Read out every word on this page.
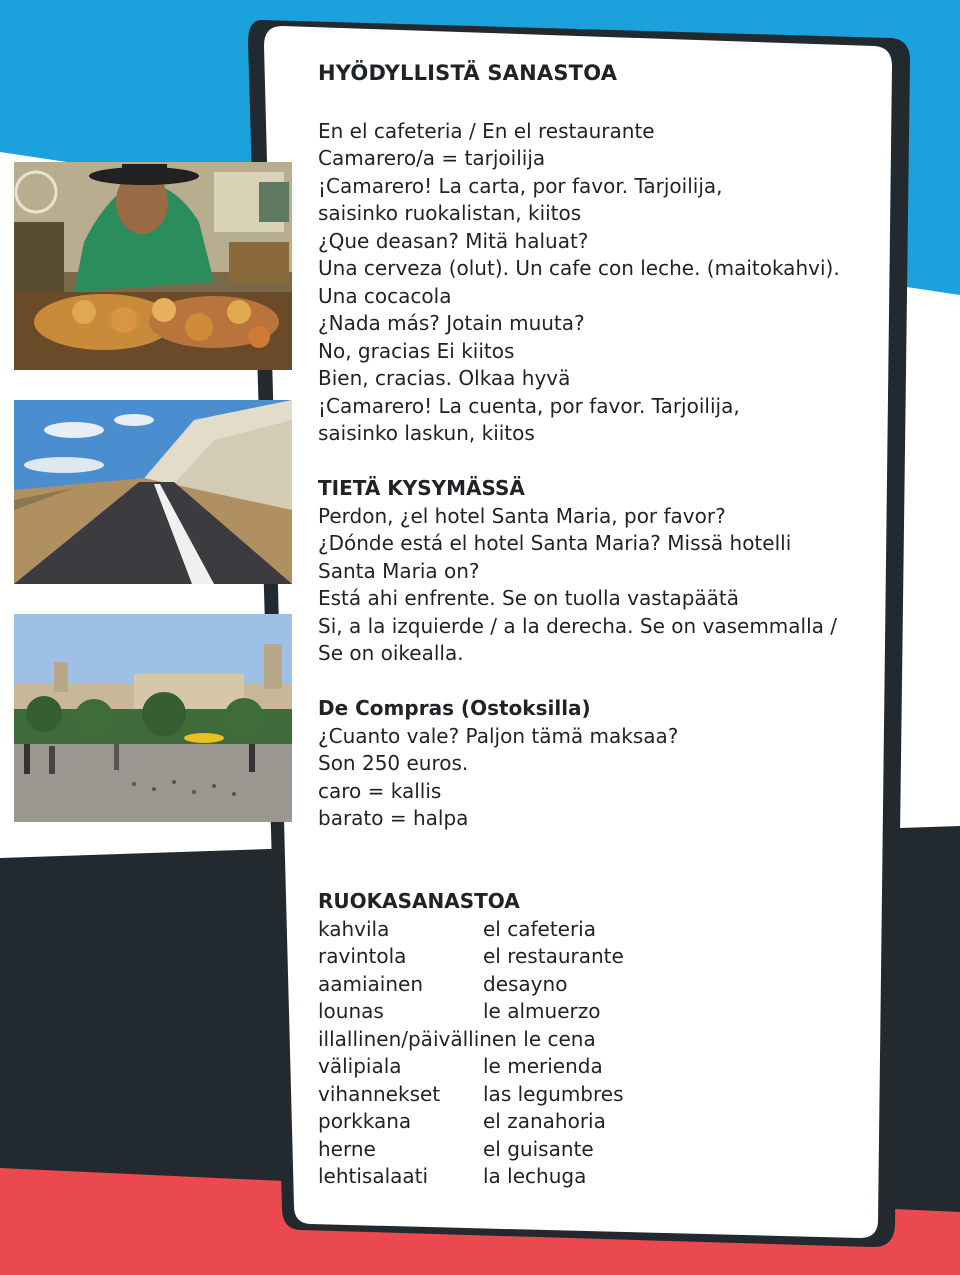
HYÖDYLLISTÄ SANASTOA
En el cafeteria / En el restaurante
Camarero/a = tarjoilija
¡Camarero! La carta, por favor. Tarjoilija, saisinko ruokalistan, kiitos
¿Que deasan? Mitä haluat?
Una cerveza (olut). Un cafe con leche. (maitokahvi).
Una cocacola
¿Nada más? Jotain muuta?
No, gracias Ei kiitos
Bien, cracias. Olkaa hyvä
¡Camarero! La cuenta, por favor. Tarjoilija, saisinko laskun, kiitos
TIETÄ KYSYMÄSSÄ
Perdon, ¿el hotel Santa Maria, por favor?
¿Dónde está el hotel Santa Maria? Missä hotelli Santa Maria on?
Está ahi enfrente. Se on tuolla vastapäätä
Si, a la izquierde / a la derecha. Se on vasemmalla / Se on oikealla.
De Compras (Ostoksilla)
¿Cuanto vale? Paljon tämä maksaa?
Son 250 euros.
caro = kallis
barato = halpa
RUOKASANASTOA
kahvila	el cafeteria
ravintola	el restaurante
aamiainen	desayno
lounas	le almuerzo
illallinen/päivällinen le cena
välipiala	le merienda
vihannekset	las legumbres
porkkana	el zanahoria
herne	el guisante
lehtisalaati	la lechuga
